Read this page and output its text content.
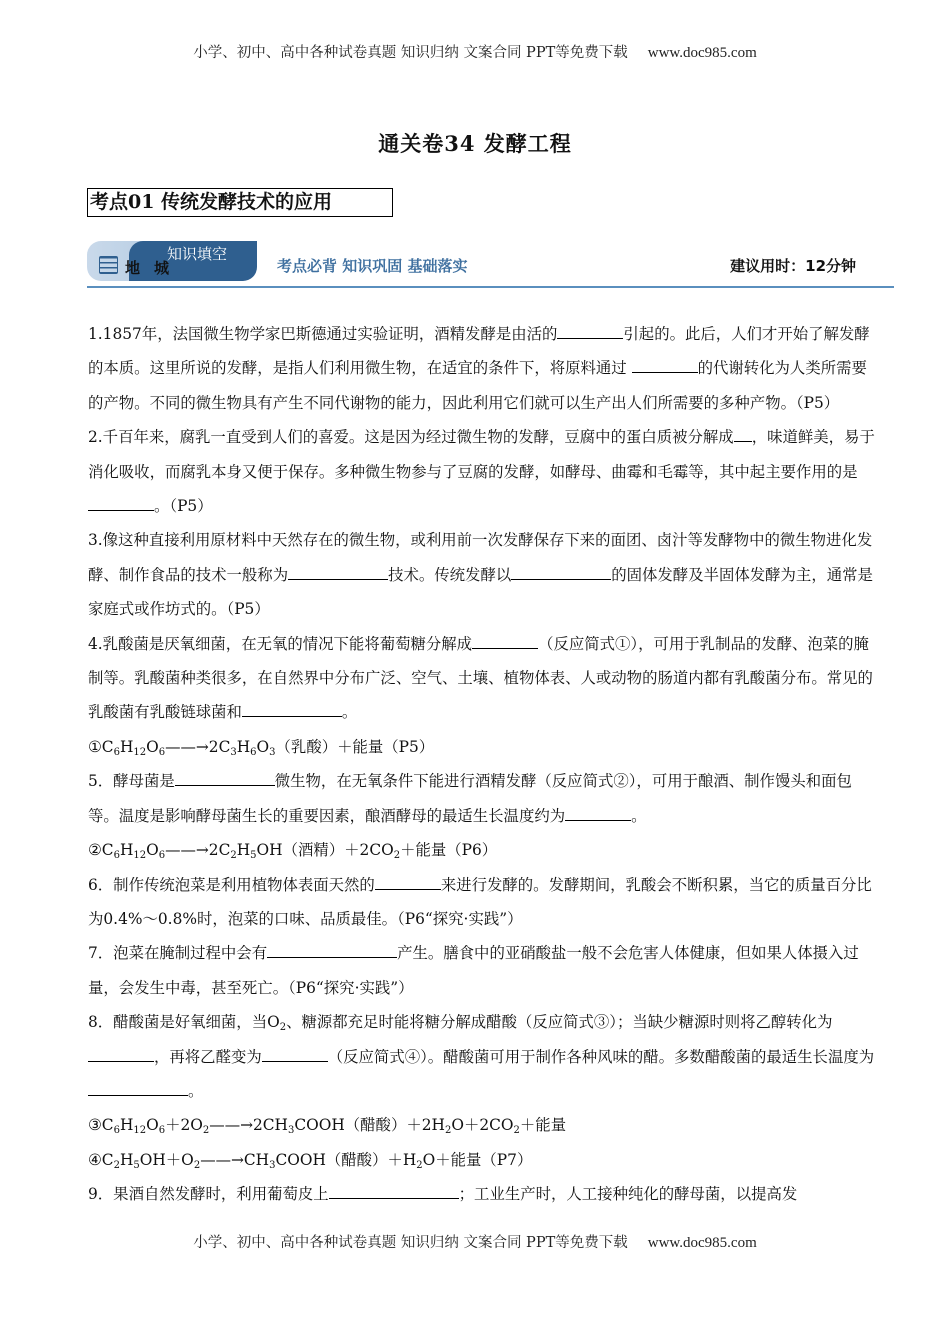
小学、初中、高中各种试卷真题 知识归纳 文案合同 PPT等免费下载 www.doc985.com
通关卷34 发酵工程
考点01 传统发酵技术的应用
知识填空
地城	考点必背 知识巩固 基础落实	建议用时：12分钟

1.1857年，法国微生物学家巴斯德通过实验证明，酒精发酵是由活的	引起的。此后，人们才开始了解发酵的本质。这里所说的发酵，是指人们利用微生物，在适宜的条件下，将原料通过	的代谢转化为人类所需要的产物。不同的微生物具有产生不同代谢物的能力，因此利用它们就可以生产出人们所需要的多种产物。（P5）

2.千百年来，腐乳一直受到人们的喜爱。这是因为经过微生物的发酵，豆腐中的蛋白质被分解成 ，味道鲜美，易于消化吸收，而腐乳本身又便于保存。多种微生物参与了豆腐的发酵，如酵母、曲霉和毛霉等，其中起主要作用的是。（P5）

3.像这种直接利用原材料中天然存在的微生物，或利用前一次发酵保存下来的面团、卤汁等发酵物中的微生物进化发酵、制作食品的技术一般称为	技术。传统发酵以	的固体发酵及半固体发酵为主，通常是家庭式或作坊式的。（P5）

4.乳酸菌是厌氧细菌，在无氧的情况下能将葡萄糖分解成	（反应简式①），可用于乳制品的发酵、泡菜的腌制等。乳酸菌种类很多，在自然界中分布广泛、空气、土壤、植物体表、人或动物的肠道内都有乳酸菌分布。常见的乳酸菌有乳酸链球菌和	。

$①C_6H_{12}O_6——\to 2C_3H_6O_3$（乳酸）＋能量（P5）

5．酵母菌是	微生物，在无氧条件下能进行酒精发酵（反应简式②），可用于酿酒、制作馒头和面包等。温度是影响酵母菌生长的重要因素，酿酒酵母的最适生长温度约为	。

$②C_6H_{12}O_6——\to 2C_2H_5OH$（酒精）$+2CO_2+$能量（P6）

6．制作传统泡菜是利用植物体表面天然的	来进行发酵的。发酵期间，乳酸会不断积累，当它的质量百分比为0.4%～0.8%时，泡菜的口味、品质最佳。（P6“探究·实践”）

7．泡菜在腌制过程中会有	产生。膳食中的亚硝酸盐一般不会危害人体健康，但如果人体摄入过量，会发生中毒，甚至死亡。（P6“探究·实践”）

8．醋酸菌是好氧细菌，当$O_2$、糖源都充足时能将糖分解成醋酸（反应简式③）；当缺少糖源时则将乙醇转化为，再将乙醛变为	（反应简式④）。醋酸菌可用于制作各种风味的醋。多数醋酸菌的最适生长温度为。

$③C_6H_{12}O_6+2O_2——\to 2CH_3COOH$（醋酸）$+2H_2O+2CO_2+$能量

$④C_2H_5OH+O_2——\to CH_3COOH$（醋酸）$+H_2O+$能量（P7）

9．果酒自然发酵时，利用葡萄皮上	；工业生产时，人工接种纯化的酵母菌，以提高发

小学、初中、高中各种试卷真题 知识归纳 文案合同 PPT等免费下载 www.doc985.com
